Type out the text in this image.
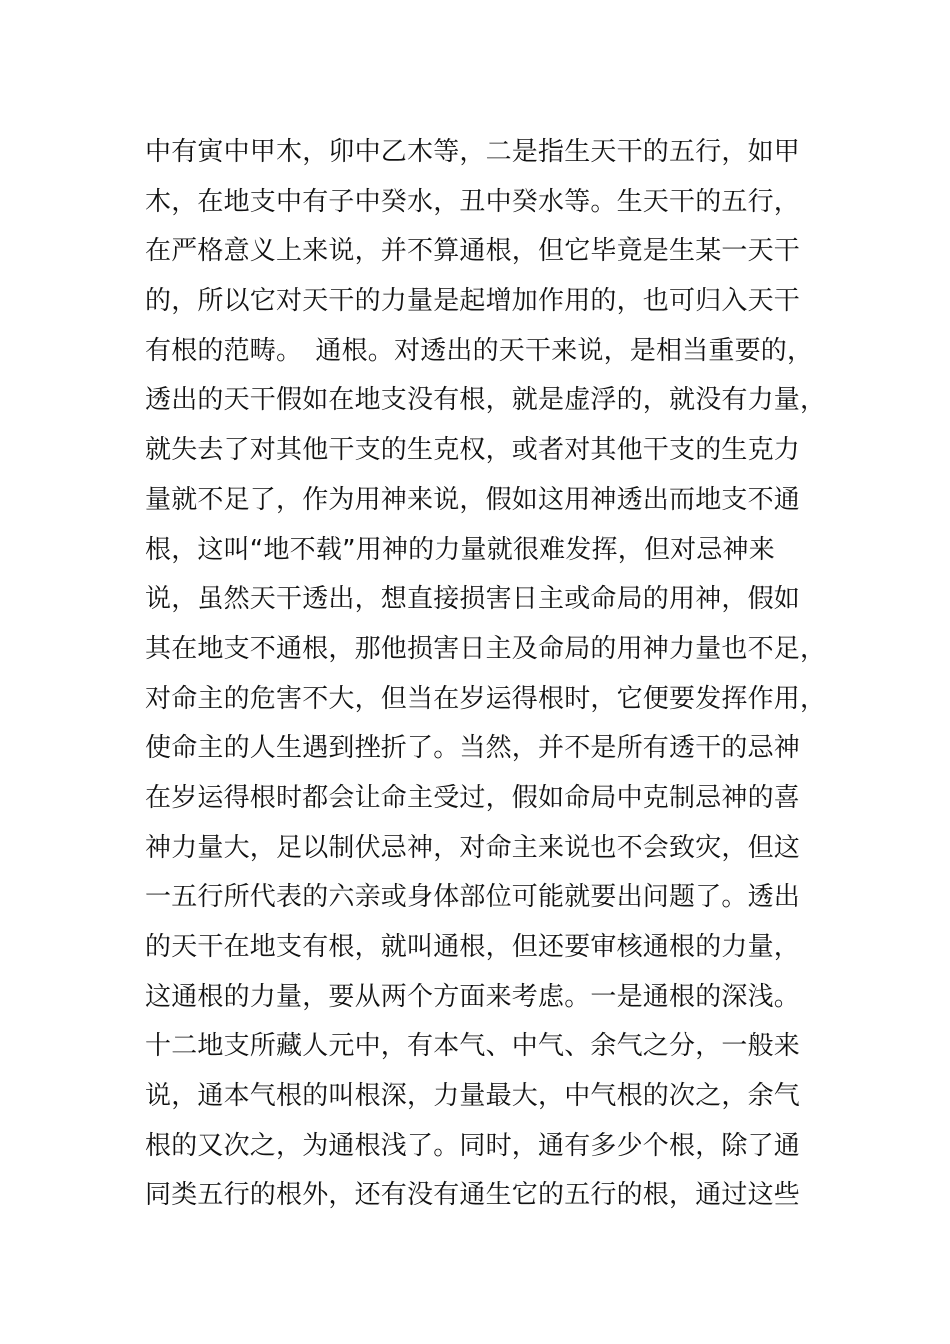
中有寅中甲木，卯中乙木等，二是指生天干的五行，如甲
木，在地支中有子中癸水，丑中癸水等。生天干的五行，
在严格意义上来说，并不算通根，但它毕竟是生某一天干
的，所以它对天干的力量是起增加作用的，也可归入天干
有根的范畴。　通根。对透出的天干来说，是相当重要的，
透出的天干假如在地支没有根，就是虚浮的，就没有力量，
就失去了对其他干支的生克权，或者对其他干支的生克力
量就不足了，作为用神来说，假如这用神透出而地支不通
根，这叫“地不载”用神的力量就很难发挥，但对忌神来
说，虽然天干透出，想直接损害日主或命局的用神，假如
其在地支不通根，那他损害日主及命局的用神力量也不足，
对命主的危害不大，但当在岁运得根时，它便要发挥作用，
使命主的人生遇到挫折了。当然，并不是所有透干的忌神
在岁运得根时都会让命主受过，假如命局中克制忌神的喜
神力量大，足以制伏忌神，对命主来说也不会致灾，但这
一五行所代表的六亲或身体部位可能就要出问题了。透出
的天干在地支有根，就叫通根，但还要审核通根的力量，
这通根的力量，要从两个方面来考虑。一是通根的深浅。
十二地支所藏人元中，有本气、中气、余气之分，一般来
说，通本气根的叫根深，力量最大，中气根的次之，余气
根的又次之，为通根浅了。同时，通有多少个根，除了通
同类五行的根外，还有没有通生它的五行的根，通过这些
